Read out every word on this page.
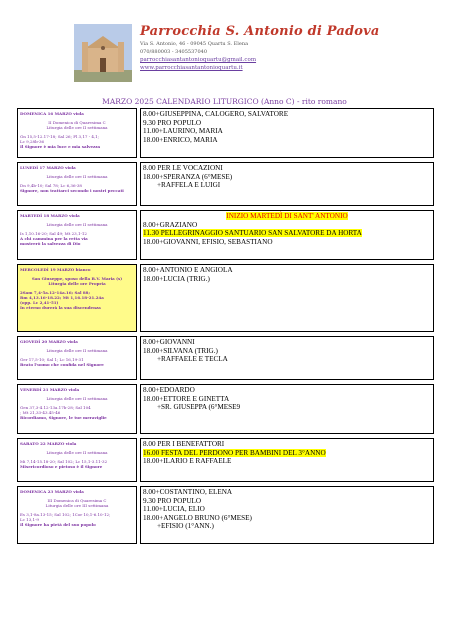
Parrocchia S. Antonio di Padova
Via S. Antonio, 46 - 09045 Quartu S. Elena
070/880003 - 3405537040
parrocchiasantantonioquartu@gmail.com
www.parrocchiasantantonioquartu.it
MARZO 2025 CALENDARIO LITURGICO (Anno C) - rito romano
DOMENICA 16 MARZO viola
II Domenica di Quaresima C
Liturgia delle ore II settimana
Gn 15,5-12.17-18; Sal 26; Fl 3,17 - 4,1;
Lc 9,28b-36
Il Signore è mia luce e mia salvezza
8.00+GIUSEPPINA, CALOGERO, SALVATORE
9.30 PRO POPULO
11.00+LAURINO, MARIA
18.00+ENRICO, MARIA
LUNEDÌ 17 MARZO viola
Liturgia delle ore II settimana
Dn 9,4b-10; Sal 78; Lc 6,36-38
Signore, non trattarci secondo i nostri peccati
8.00 PER LE VOCAZIONI
18.00+SPERANZA (6°MESE)
+RAFFELA E LUIGI
MARTEDÌ 18 MARZO viola
Liturgia delle ore II settimana
Is 1,10.16-20; Sal 49; Mt 23,1-12
A chi cammina per la retta via
mostrerò la salvezza di Dio
INIZIO MARTEDÌ DI SANT' ANTONIO
8.00+GRAZIANO
11.30 PELLEGRINAGGIO SANTUARIO SAN SALVATORE DA HORTA
18.00+GIOVANNI, EFISIO, SEBASTIANO
MERCOLEDÌ 19 MARZO bianco
San Giuseppe, sposo della B.V. Maria (s)
Liturgia delle ore Propria
2Sam 7,4-5a.12-14a.16; Sal 88;
Rm 4,13.16-18.22; Mt 1,16.18-21.24a
(opp. Lc 2,41-51)
In eterno durerà la sua discendenza
8.00+ANTONIO E ANGIOLA
18.00+LUCIA (TRIG.)
GIOVEDÌ 20 MARZO viola
Liturgia delle ore II settimana
Ger 17,5-10; Sal 1; Lc 16,19-31
Beato l'uomo che confida nel Signore
8.00+GIOVANNI
18.00+SILVANA (TRIG.)
+RAFFAELE E TECLA
VENERDÌ 21 MARZO viola
Liturgia delle ore II settimana
Gen 37,3-4.12-13a.17b-28; Sal 104
; Mt 21,33-43.45-46
Ricordiamo, Signore, le tue meraviglie
8.00+EDOARDO
18.00+ETTORE E GINETTA
+SR. GIUSEPPA (6°MESE9
SABATO 22 MARZO viola
Liturgia delle ore II settimana
Mi 7,14-15.18-20; Sal 102; Lc 15,1-3.11-32
Misericordioso e pietoso è il Signore
8.00 PER I BENEFATTORI
16.00 FESTA DEL PERDONO PER BAMBINI DEL 3°ANNO
18.00+ILARIO E RAFFAELE
DOMENICA 23 MARZO viola
III Domenica di Quaresima C
Liturgia delle ore III settimana
Es 3,1-8a.13-15; Sal 102; 1Cor 10,1-6.10-12;
Lc 13,1-9
Il Signore ha pietà del suo popolo
8.00+COSTANTINO, ELENA
9.30 PRO POPULO
11.00+LUCIA, ELIO
18.00+ANGELO BRUNO (6°MESE)
+EFISIO (1°ANN.)
